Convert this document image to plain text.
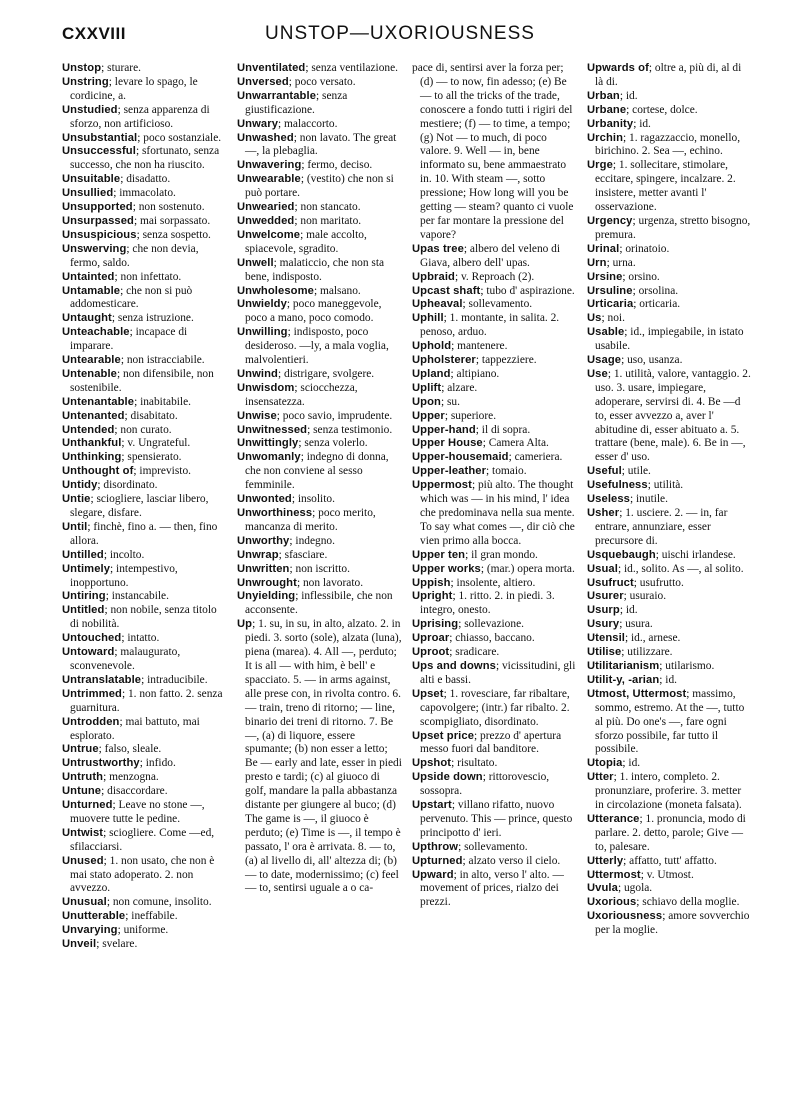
CXXVIII	UNSTOP—UXORIOUSNESS

Unstop; sturare.

Unstring; levare lo spago, le cordicine, a.

Unstudied; senza apparenza di sforzo, non artificioso.

Unsubstantial; poco sostanziale.

Unsuccessful; sfortunato, senza successo, che non ha riuscito.

Unsuitable; disadatto.

Unsullied; immacolato.

Unsupported; non sostenuto.

Unsurpassed; mai sorpassato.

Unsuspicious; senza sospetto.

Unswerving; che non devia, fermo, saldo.

Untainted; non infettato.

Untamable; che non si può addomesticare.

Untaught; senza istruzione.

Unteachable; incapace di imparare.

Untearable; non istracciabile.

Untenable; non difensibile, non sostenibile.

Untenantable; inabitabile.

Untenanted; disabitato.

Untended; non curato.

Unthankful; v. Ungrateful.

Unthinking; spensierato.

Unthought of; imprevisto.

Untidy; disordinato.

Untie; sciogliere, lasciar libero, slegare, disfare.

Until; finchè, fino a. — then, fino allora.

Untilled; incolto.

Untimely; intempestivo, inopportuno.

Untiring; instancabile.

Untitled; non nobile, senza titolo di nobilità.

Untouched; intatto.

Untoward; malaugurato, sconvenevole.

Untranslatable; intraducibile.

Untrimmed; 1. non fatto. 2. senza guarnitura.

Untrodden; mai battuto, mai esplorato.

Untrue; falso, sleale.

Untrustworthy; infido.

Untruth; menzogna.

Untune; disaccordare.

Unturned; Leave no stone —, muovere tutte le pedine.

Untwist; sciogliere. Come —ed, sfilacciarsi.

Unused; 1. non usato, che non è mai stato adoperato. 2. non avvezzo.

Unusual; non comune, insolito.

Unutterable; ineffabile.

Unvarying; uniforme.

Unveil; svelare.

Unventilated; senza ventilazione.

Unversed; poco versato.

Unwarrantable; senza giustificazione.

Unwary; malaccorto.

Unwashed; non lavato. The great —, la plebaglia.

Unwavering; fermo, deciso.

Unwearable; (vestito) che non si può portare.

Unwearied; non stancato.

Unwedded; non maritato.

Unwelcome; male accolto, spiacevole, sgradito.

Unwell; malaticcio, che non sta bene, indisposto.

Unwholesome; malsano.

Unwieldy; poco maneggevole, poco a mano, poco comodo.

Unwilling; indisposto, poco desideroso. —ly, a mala voglia, malvolentieri.

Unwind; distrigare, svolgere.

Unwisdom; sciocchezza, insensatezza.

Unwise; poco savio, imprudente.

Unwitnessed; senza testimonio.

Unwittingly; senza volerlo.

Unwomanly; indegno di donna, che non conviene al sesso femminile.

Unwonted; insolito.

Unworthiness; poco merito, mancanza di merito.

Unworthy; indegno.

Unwrap; sfasciare.

Unwritten; non iscritto.

Unwrought; non lavorato.

Unyielding; inflessibile, che non acconsente.

Up; 1. su, in su, in alto, alzato. 2. in piedi. 3. sorto (sole), alzata (luna), piena (marea). 4. All —, perduto; It is all — with him, è bell' e spacciato. 5. — in arms against, alle prese con, in rivolta contro. 6. — train, treno di ritorno; — line, binario dei treni di ritorno. 7. Be —, (a) di liquore, essere spumante; (b) non esser a letto; Be — early and late, esser in piedi presto e tardi; (c) al giuoco di golf, mandare la palla abbastanza distante per giungere al buco; (d) The game is —, il giuoco è perduto; (e) Time is —, il tempo è passato, l' ora è arrivata. 8. — to, (a) al livello di, all' altezza di; (b) — to date, modernissimo; (c) feel — to, sentirsi uguale a o ca-

pace di, sentirsi aver la forza per; (d) — to now, fin adesso; (e) Be — to all the tricks of the trade, conoscere a fondo tutti i rigiri del mestiere; (f) — to time, a tempo; (g) Not — to much, di poco valore. 9. Well — in, bene informato su, bene ammaestrato in. 10. With steam —, sotto pressione; How long will you be getting — steam? quanto ci vuole per far montare la pressione del vapore?

Upas tree; albero del veleno di Giava, albero dell' upas.

Upbraid; v. Reproach (2).

Upcast shaft; tubo d' aspirazione.

Upheaval; sollevamento.

Uphill; 1. montante, in salita. 2. penoso, arduo.

Uphold; mantenere.

Upholsterer; tappezziere.

Upland; altipiano.

Uplift; alzare.

Upon; su.

Upper; superiore.

Upper-hand; il di sopra.

Upper House; Camera Alta.

Upper-housemaid; cameriera.

Upper-leather; tomaio.

Uppermost; più alto. The thought which was — in his mind, l' idea che predominava nella sua mente. To say what comes —, dir ciò che vien primo alla bocca.

Upper ten; il gran mondo.

Upper works; (mar.) opera morta.

Uppish; insolente, altiero.

Upright; 1. ritto. 2. in piedi. 3. integro, onesto.

Uprising; sollevazione.

Uproar; chiasso, baccano.

Uproot; sradicare.

Ups and downs; vicissitudini, gli alti e bassi.

Upset; 1. rovesciare, far ribaltare, capovolgere; (intr.) far ribalto. 2. scompigliato, disordinato.

Upset price; prezzo d' apertura messo fuori dal banditore.

Upshot; risultato.

Upside down; rittorovescio, sossopra.

Upstart; villano rifatto, nuovo pervenuto. This — prince, questo principotto d' ieri.

Upthrow; sollevamento.

Upturned; alzato verso il cielo.

Upward; in alto, verso l' alto. — movement of prices, rialzo dei prezzi.

Upwards of; oltre a, più di, al di là di.

Urban; id.

Urbane; cortese, dolce.

Urbanity; id.

Urchin; 1. ragazzaccio, monello, birichino. 2. Sea —, echino.

Urge; 1. sollecitare, stimolare, eccitare, spingere, incalzare. 2. insistere, metter avanti l' osservazione.

Urgency; urgenza, stretto bisogno, premura.

Urinal; orinatoio.

Urn; urna.

Ursine; orsino.

Ursuline; orsolina.

Urticaria; orticaria.

Us; noi.

Usable; id., impiegabile, in istato usabile.

Usage; uso, usanza.

Use; 1. utilità, valore, vantaggio. 2. uso. 3. usare, impiegare, adoperare, servirsi di. 4. Be —d to, esser avvezzo a, aver l' abitudine di, esser abituato a. 5. trattare (bene, male). 6. Be in —, esser d' uso.

Useful; utile.

Usefulness; utilità.

Useless; inutile.

Usher; 1. usciere. 2. — in, far entrare, annunziare, esser precursore di.

Usquebaugh; uischi irlandese.

Usual; id., solito. As —, al solito.

Usufruct; usufrutto.

Usurer; usuraio.

Usurp; id.

Usury; usura.

Utensil; id., arnese.

Utilise; utilizzare.

Utilitarianism; utilarismo.

Utilit-y, -arian; id.

Utmost, Uttermost; massimo, sommo, estremo. At the —, tutto al più. Do one's —, fare ogni sforzo possibile, far tutto il possibile.

Utopia; id.

Utter; 1. intero, completo. 2. pronunziare, proferire. 3. metter in circolazione (moneta falsata).

Utterance; 1. pronuncia, modo di parlare. 2. detto, parole; Give — to, palesare.

Utterly; affatto, tutt' affatto.

Uttermost; v. Utmost.

Uvula; ugola.

Uxorious; schiavo della moglie.

Uxoriousness; amore sovverchio per la moglie.
